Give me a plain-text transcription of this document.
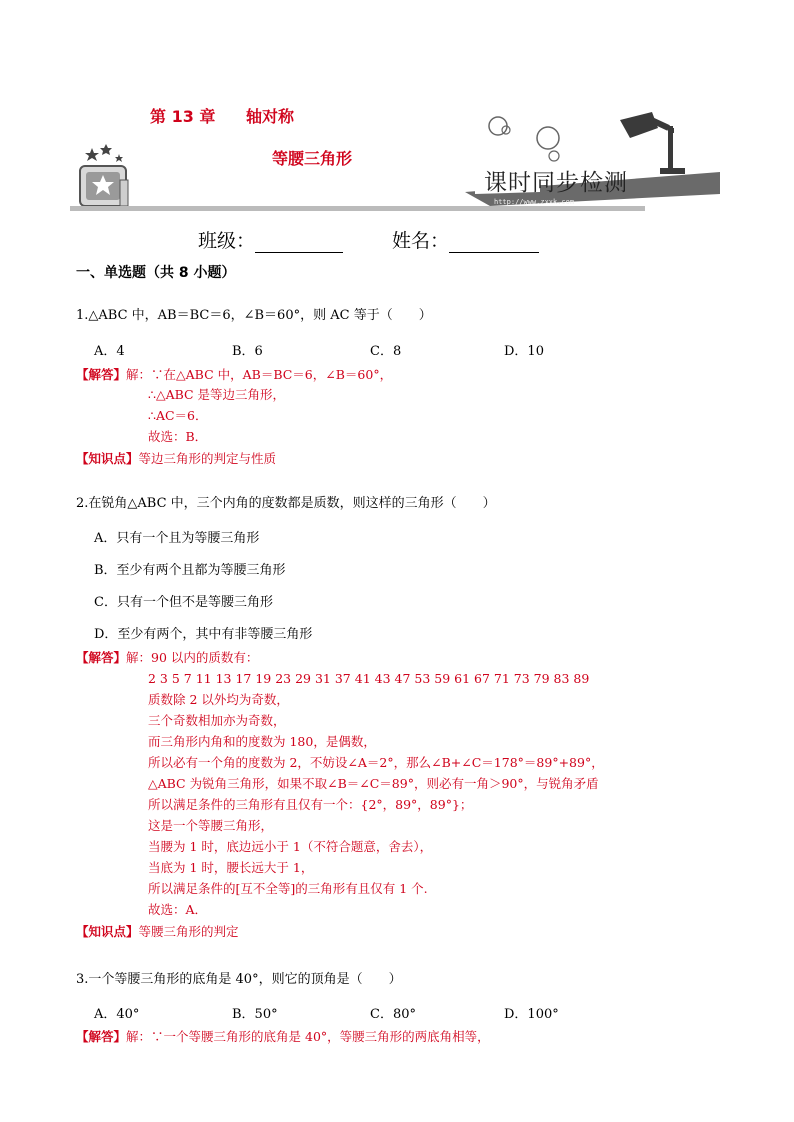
第 13 章 轴对称
等腰三角形
课时同步检测
http://www.zxxk.com
班级：	姓名：
一、单选题（共 8 小题）
1.△ABC 中，AB＝BC＝6，∠B＝60°，则 AC 等于（　　）
A．4	B．6	C．8	D．10
【解答】解：∵在△ABC 中，AB＝BC＝6，∠B＝60°，
∴△ABC 是等边三角形，
∴AC＝6．
故选：B．
【知识点】等边三角形的判定与性质
2.在锐角△ABC 中，三个内角的度数都是质数，则这样的三角形（　　）
A．只有一个且为等腰三角形
B．至少有两个且都为等腰三角形
C．只有一个但不是等腰三角形
D．至少有两个，其中有非等腰三角形
【解答】解：90 以内的质数有：
2 3 5 7 11 13 17 19 23 29 31 37 41 43 47 53 59 61 67 71 73 79 83 89
质数除 2 以外均为奇数，
三个奇数相加亦为奇数，
而三角形内角和的度数为 180，是偶数，
所以必有一个角的度数为 2，不妨设∠A＝2°，那么∠B+∠C＝178°＝89°+89°，
△ABC 为锐角三角形，如果不取∠B＝∠C＝89°，则必有一角＞90°，与锐角矛盾
所以满足条件的三角形有且仅有一个：{2°，89°，89°}；
这是一个等腰三角形，
当腰为 1 时，底边远小于 1（不符合题意，舍去），
当底为 1 时，腰长远大于 1，
所以满足条件的[互不全等]的三角形有且仅有 1 个.
故选：A．
【知识点】等腰三角形的判定
3.一个等腰三角形的底角是 40°，则它的顶角是（　　）
A．40°	B．50°	C．80°	D．100°
【解答】解：∵一个等腰三角形的底角是 40°，等腰三角形的两底角相等，
